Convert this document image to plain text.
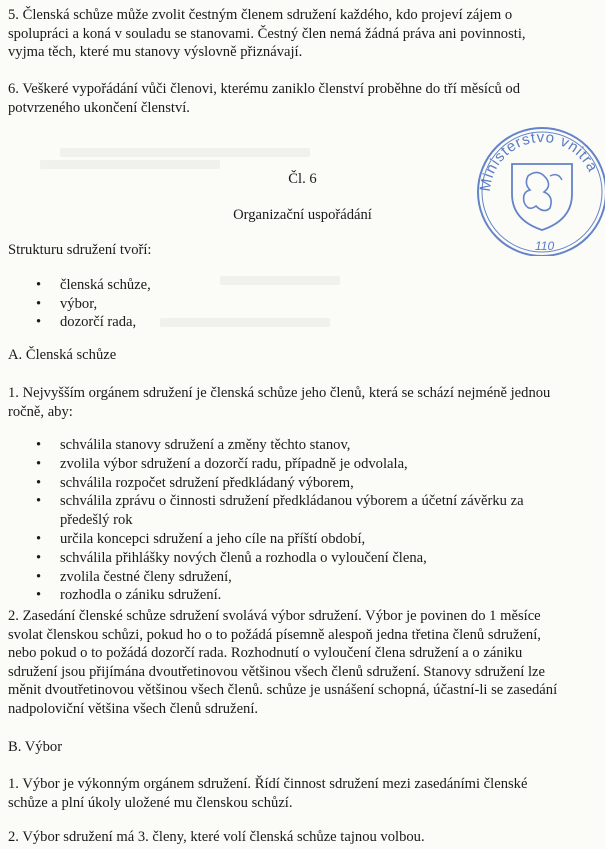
5. Členská schůze může zvolit čestným členem sdružení každého, kdo projeví zájem o
spolupráci a koná v souladu se stanovami. Čestný člen nemá žádná práva ani povinnosti,
vyjma těch, které mu stanovy výslovně přiznávají.
6. Veškeré vypořádání vůči členovi, kterému zaniklo členství proběhne do tří měsíců od
potvrzeného ukončení členství.
Ministerstvo vnitra
110
Čl. 6
Organizační uspořádání
Strukturu sdružení tvoří:
• členská schůze,
• výbor,
• dozorčí rada,
A. Členská schůze
1. Nejvyšším orgánem sdružení je členská schůze jeho členů, která se schází nejméně jednou
ročně, aby:
• schválila stanovy sdružení a změny těchto stanov,
• zvolila výbor sdružení a dozorčí radu, případně je odvolala,
• schválila rozpočet sdružení předkládaný výborem,
• schválila zprávu o činnosti sdružení předkládanou výborem a účetní závěrku za
předešlý rok
• určila koncepci sdružení a jeho cíle na příští období,
• schválila přihlášky nových členů a rozhodla o vyloučení člena,
• zvolila čestné členy sdružení,
• rozhodla o zániku sdružení.
2. Zasedání členské schůze sdružení svolává výbor sdružení. Výbor je povinen do 1 měsíce
svolat členskou schůzi, pokud ho o to požádá písemně alespoň jedna třetina členů sdružení,
nebo pokud o to požádá dozorčí rada. Rozhodnutí o vyloučení člena sdružení a o zániku
sdružení jsou přijímána dvoutřetinovou většinou všech členů sdružení. Stanovy sdružení lze
měnit dvoutřetinovou většinou všech členů. schůze je usnášení schopná, účastní-li se zasedání
nadpoloviční většina všech členů sdružení.
B. Výbor
1. Výbor je výkonným orgánem sdružení. Řídí činnost sdružení mezi zasedáními členské
schůze a plní úkoly uložené mu členskou schůzí.
2. Výbor sdružení má 3. členy, které volí členská schůze tajnou volbou.
